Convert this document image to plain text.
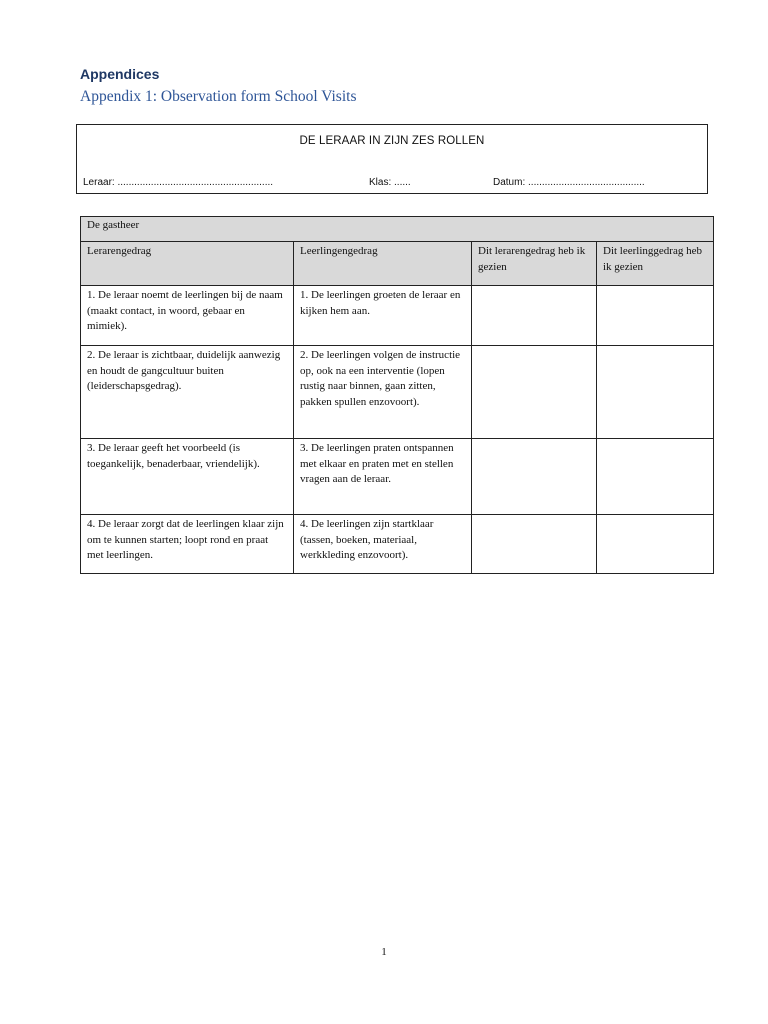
Appendices
Appendix 1: Observation form School Visits
DE LERAAR IN ZIJN ZES ROLLEN
Leraar: ........................................................	Klas: ......	Datum: ..........................................
De gastheer			
Lerarengedrag	Leerlingengedrag	Dit lerarengedrag heb ik gezien	Dit leerlinggedrag heb ik gezien
1. De leraar noemt de leerlingen bij de naam (maakt contact, in woord, gebaar en mimiek).	1. De leerlingen groeten de leraar en kijken hem aan.		
2. De leraar is zichtbaar, duidelijk aanwezig en houdt de gangcultuur buiten (leiderschapsgedrag).	2. De leerlingen volgen de instructie op, ook na een interventie (lopen rustig naar binnen, gaan zitten, pakken spullen enzovoort).		
3. De leraar geeft het voorbeeld (is toegankelijk, benaderbaar, vriendelijk).	3. De leerlingen praten ontspannen met elkaar en praten met en stellen vragen aan de leraar.		
4. De leraar zorgt dat de leerlingen klaar zijn om te kunnen starten; loopt rond en praat met leerlingen.	4. De leerlingen zijn startklaar (tassen, boeken, materiaal, werkkleding enzovoort).		
1
